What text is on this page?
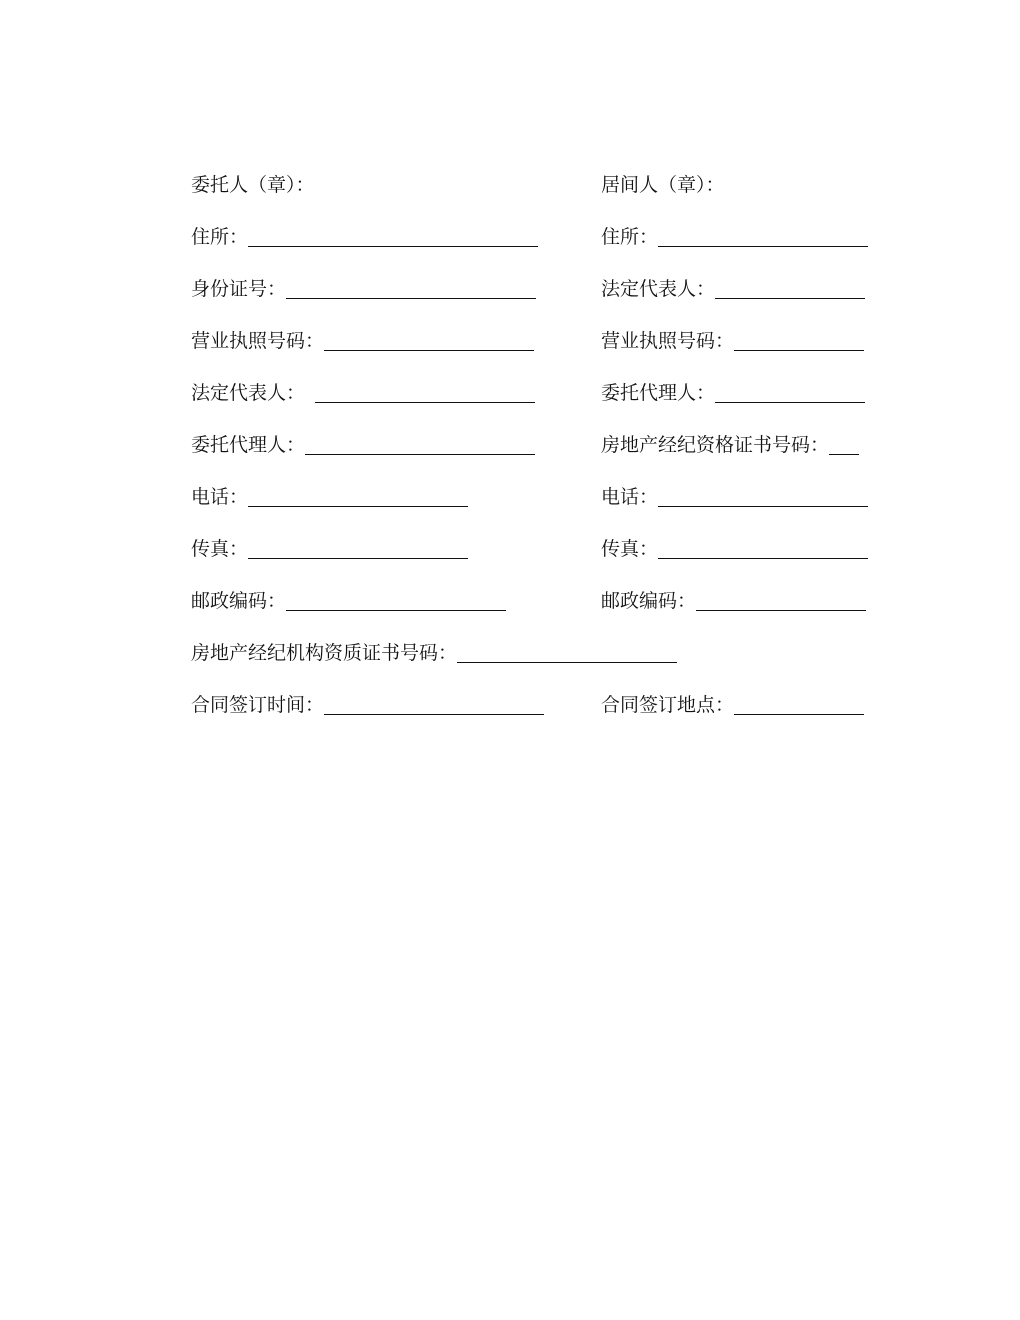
委托人（章）：	居间人（章）：
住所：	住所：
身份证号：	法定代表人：
营业执照号码：	营业执照号码：
法定代表人：	委托代理人：
委托代理人：	房地产经纪资格证书号码：
电话：	电话：
传真：	传真：
邮政编码：	邮政编码：
房地产经纪机构资质证书号码：
合同签订时间：	合同签订地点：
